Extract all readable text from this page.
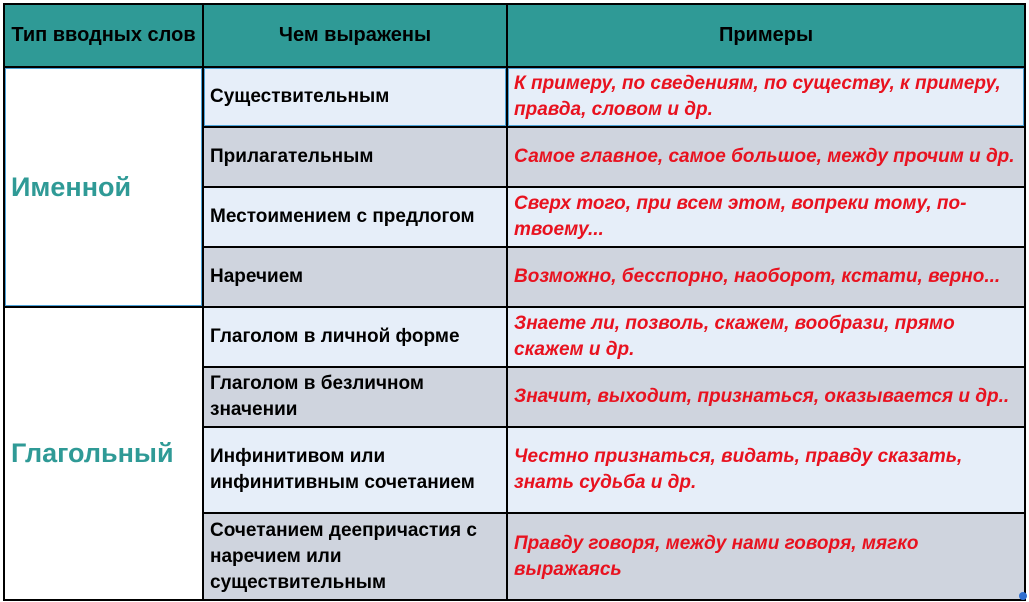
Тип вводных слов	Чем выражены	Примеры
Именной	Существительным	К примеру, по сведениям, по существу, к примеру, правда, словом и др.
	Прилагательным	Самое главное, самое большое, между прочим и др.
	Местоимением с предлогом	Сверх того, при всем этом, вопреки тому, по-твоему...
	Наречием	Возможно, бесспорно, наоборот, кстати, верно...
Глагольный	Глаголом в личной форме	Знаете ли, позволь, скажем, вообрази, прямо скажем и др.
	Глаголом в безличном значении	Значит, выходит, признаться, оказывается и др..
	Инфинитивом или инфинитивным сочетанием	Честно признаться, видать, правду сказать, знать судьба и др.
	Сочетанием деепричастия с наречием или существительным	Правду говоря, между нами говоря, мягко выражаясь
